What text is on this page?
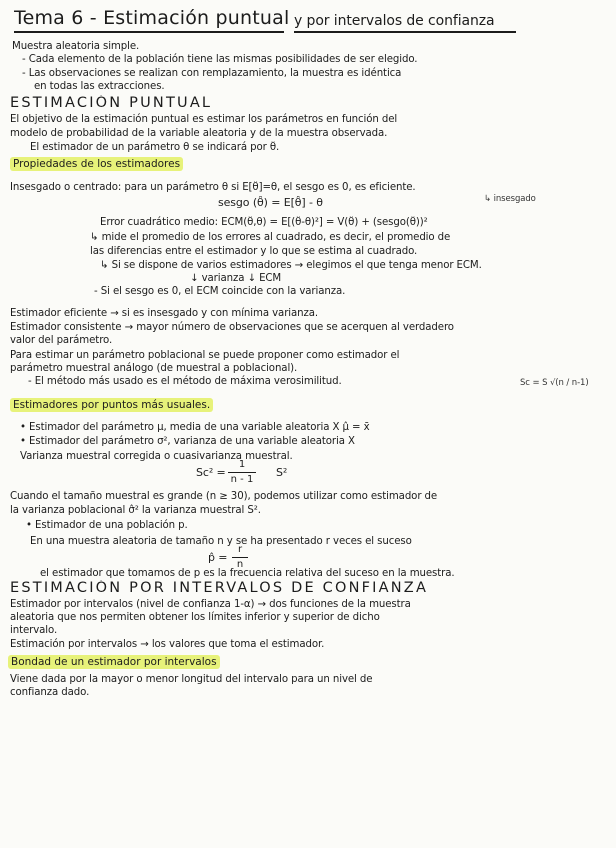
Tema 6 - Estimación puntual y por intervalos de confianza
Muestra aleatoria simple.
- Cada elemento de la población tiene las mismas posibilidades de ser elegido.
- Las observaciones se realizan con remplazamiento, la muestra es idéntica
en todas las extracciones.
ESTIMACIÓN PUNTUAL
El objetivo de la estimación puntual es estimar los parámetros en función del
modelo de probabilidad de la variable aleatoria y de la muestra observada.
El estimador de un parámetro θ se indicará por θ̂.
Propiedades de los estimadores
Insesgado o centrado: para un parámetro θ si E[θ̂]=θ, el sesgo es 0, es eficiente.
↳ insesgado
sesgo (θ̂) = E[θ̂] - θ
Error cuadrático medio: ECM(θ̂,θ) = E[(θ̂-θ)²] = V(θ̂) + (sesgo(θ̂))²
↳ mide el promedio de los errores al cuadrado, es decir, el promedio de
las diferencias entre el estimador y lo que se estima al cuadrado.
↳ Si se dispone de varios estimadores → elegimos el que tenga menor ECM.
↓ varianza ↓ ECM
- Si el sesgo es 0, el ECM coincide con la varianza.
Estimador eficiente → si es insesgado y con mínima varianza.
Estimador consistente → mayor número de observaciones que se acerquen al verdadero
valor del parámetro.
Para estimar un parámetro poblacional se puede proponer como estimador el
parámetro muestral análogo (de muestral a poblacional).
- El método más usado es el método de máxima verosimilitud.	Sc = S √(n / n-1)
Estimadores por puntos más usuales.
• Estimador del parámetro μ, media de una variable aleatoria X μ̂ = x̄
• Estimador del parámetro σ², varianza de una variable aleatoria X
Varianza muestral corregida o cuasivarianza muestral.
Sc² =
1
n - 1
S²
Cuando el tamaño muestral es grande (n ≥ 30), podemos utilizar como estimador de
la varianza poblacional σ̂² la varianza muestral S².
• Estimador de una población p.
En una muestra aleatoria de tamaño n y se ha presentado r veces el suceso
p̂ =
r
n
el estimador que tomamos de p es la frecuencia relativa del suceso en la muestra.
ESTIMACIÓN POR INTERVALOS DE CONFIANZA
Estimador por intervalos (nivel de confianza 1-α) → dos funciones de la muestra
aleatoria que nos permiten obtener los límites inferior y superior de dicho
intervalo.
Estimación por intervalos → los valores que toma el estimador.
Bondad de un estimador por intervalos
Viene dada por la mayor o menor longitud del intervalo para un nivel de
confianza dado.
